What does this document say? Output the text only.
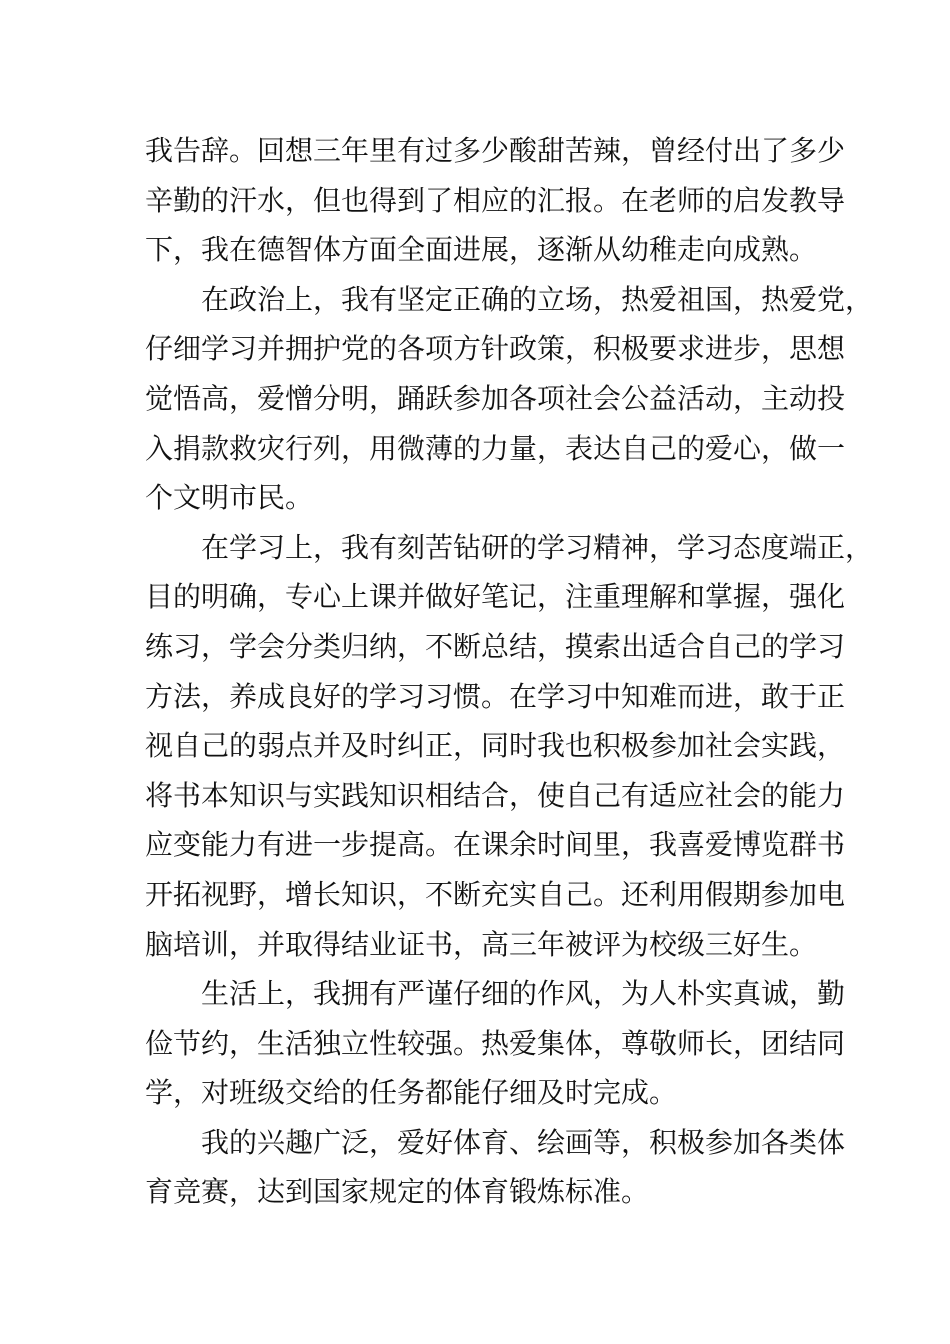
我告辞。回想三年里有过多少酸甜苦辣，曾经付出了多少
辛勤的汗水，但也得到了相应的汇报。在老师的启发教导
下，我在德智体方面全面进展，逐渐从幼稚走向成熟。
在政治上，我有坚定正确的立场，热爱祖国，热爱党，
仔细学习并拥护党的各项方针政策，积极要求进步，思想
觉悟高，爱憎分明，踊跃参加各项社会公益活动，主动投
入捐款救灾行列，用微薄的力量，表达自己的爱心，做一
个文明市民。
在学习上，我有刻苦钻研的学习精神，学习态度端正，
目的明确，专心上课并做好笔记，注重理解和掌握，强化
练习，学会分类归纳，不断总结，摸索出适合自己的学习
方法，养成良好的学习习惯。在学习中知难而进，敢于正
视自己的弱点并及时纠正，同时我也积极参加社会实践，
将书本知识与实践知识相结合，使自己有适应社会的能力
应变能力有进一步提高。在课余时间里，我喜爱博览群书
开拓视野，增长知识，不断充实自己。还利用假期参加电
脑培训，并取得结业证书，高三年被评为校级三好生。
生活上，我拥有严谨仔细的作风，为人朴实真诚，勤
俭节约，生活独立性较强。热爱集体，尊敬师长，团结同
学，对班级交给的任务都能仔细及时完成。
我的兴趣广泛，爱好体育、绘画等，积极参加各类体
育竞赛，达到国家规定的体育锻炼标准。
